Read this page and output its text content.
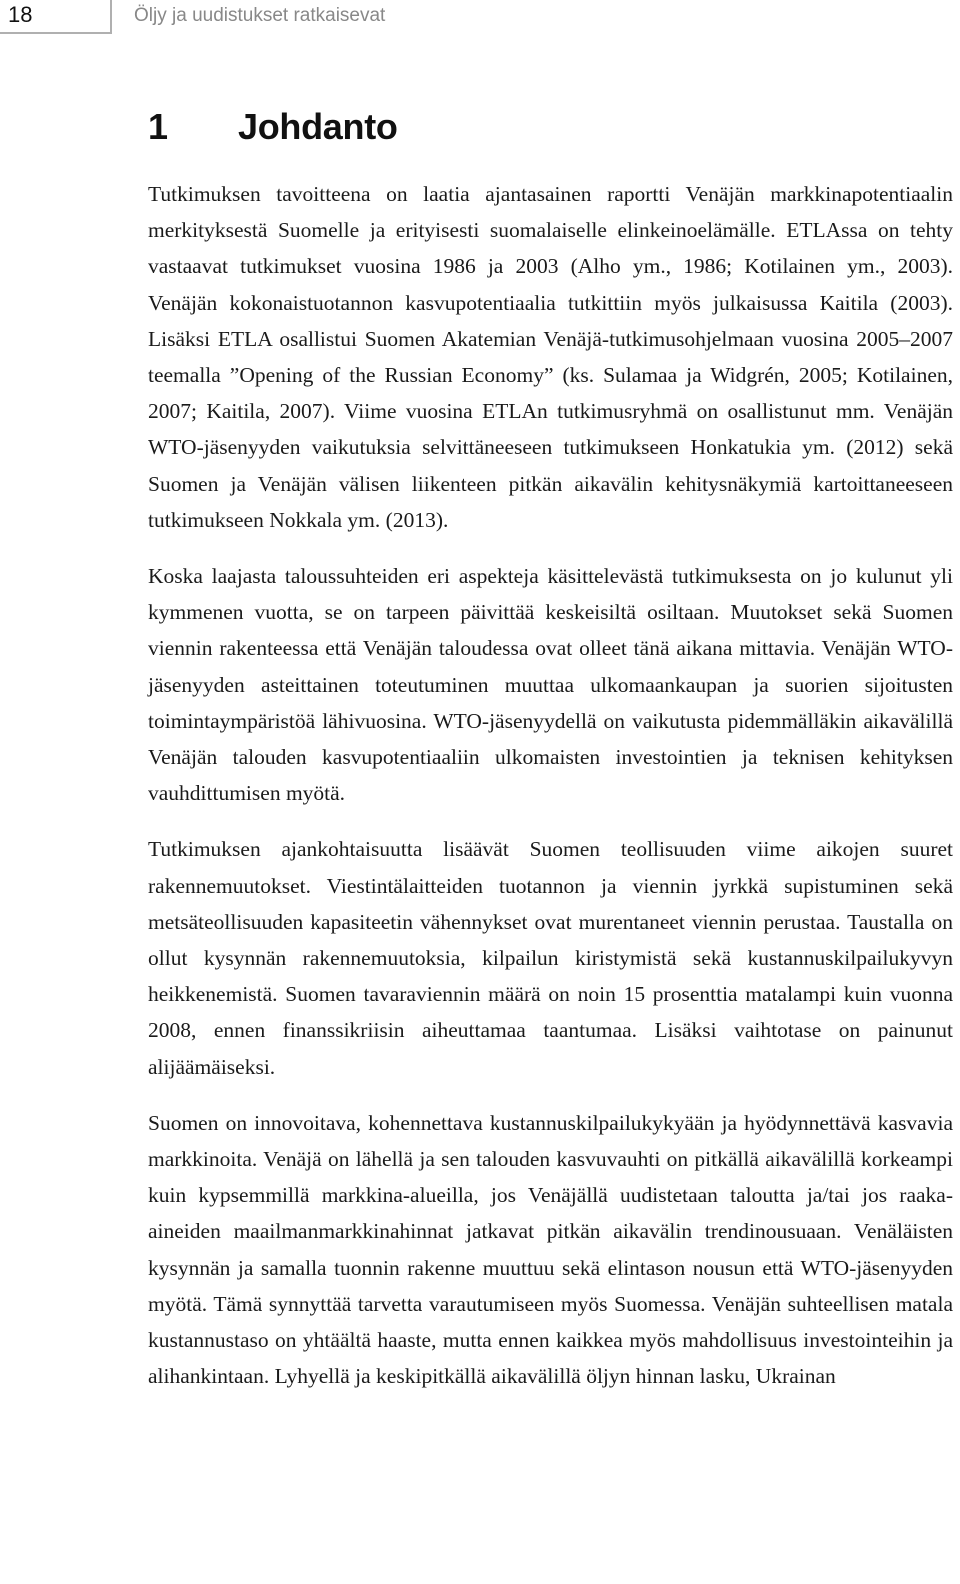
18	Öljy ja uudistukset ratkaisevat
1 Johdanto

Tutkimuksen tavoitteena on laatia ajantasainen raportti Venäjän markkinapotentiaalin merkityksestä Suomelle ja erityisesti suomalaiselle elinkeinoelämälle. ETLAssa on tehty vastaavat tutkimukset vuosina 1986 ja 2003 (Alho ym., 1986; Kotilainen ym., 2003). Venäjän kokonaistuotannon kasvupotentiaalia tutkittiin myös julkaisussa Kaitila (2003). Lisäksi ETLA osallistui Suomen Akatemian Venäjä-tutkimusohjelmaan vuosina 2005–2007 teemalla ”Opening of the Russian Economy” (ks. Sulamaa ja Widgrén, 2005; Kotilainen, 2007; Kaitila, 2007). Viime vuosina ETLAn tutkimusryhmä on osallistunut mm. Venäjän WTO-jäsenyyden vaikutuksia selvittäneeseen tutkimukseen Honkatukia ym. (2012) sekä Suomen ja Venäjän välisen liikenteen pitkän aikavälin kehitysnäkymiä kartoittaneeseen tutkimukseen Nokkala ym. (2013).

Koska laajasta taloussuhteiden eri aspekteja käsittelevästä tutkimuksesta on jo kulunut yli kymmenen vuotta, se on tarpeen päivittää keskeisiltä osiltaan. Muutokset sekä Suomen viennin rakenteessa että Venäjän taloudessa ovat olleet tänä aikana mittavia. Venäjän WTO-jäsenyyden asteittainen toteutuminen muuttaa ulkomaankaupan ja suorien sijoitusten toimintaympäristöä lähivuosina. WTO-jäsenyydellä on vaikutusta pidemmälläkin aikavälillä Venäjän talouden kasvupotentiaaliin ulkomaisten investointien ja teknisen kehityksen vauhdittumisen myötä.

Tutkimuksen ajankohtaisuutta lisäävät Suomen teollisuuden viime aikojen suuret rakennemuutokset. Viestintälaitteiden tuotannon ja viennin jyrkkä supistuminen sekä metsäteollisuuden kapasiteetin vähennykset ovat murentaneet viennin perustaa. Taustalla on ollut kysynnän rakennemuutoksia, kilpailun kiristymistä sekä kustannuskilpailukyvyn heikkenemistä. Suomen tavaraviennin määrä on noin 15 prosenttia matalampi kuin vuonna 2008, ennen finanssikriisin aiheuttamaa taantumaa. Lisäksi vaihtotase on painunut alijäämäiseksi.

Suomen on innovoitava, kohennettava kustannuskilpailukykyään ja hyödynnettävä kasvavia markkinoita. Venäjä on lähellä ja sen talouden kasvuvauhti on pitkällä aikavälillä korkeampi kuin kypsemmillä markkina-alueilla, jos Venäjällä uudistetaan taloutta ja/tai jos raaka-aineiden maailmanmarkkinahinnat jatkavat pitkän aikavälin trendinousuaan. Venäläisten kysynnän ja samalla tuonnin rakenne muuttuu sekä elintason nousun että WTO-jäsenyyden myötä. Tämä synnyttää tarvetta varautumiseen myös Suomessa. Venäjän suhteellisen matala kustannustaso on yhtäältä haaste, mutta ennen kaikkea myös mahdollisuus investointeihin ja alihankintaan. Lyhyellä ja keskipitkällä aikavälillä öljyn hinnan lasku, Ukrainan
